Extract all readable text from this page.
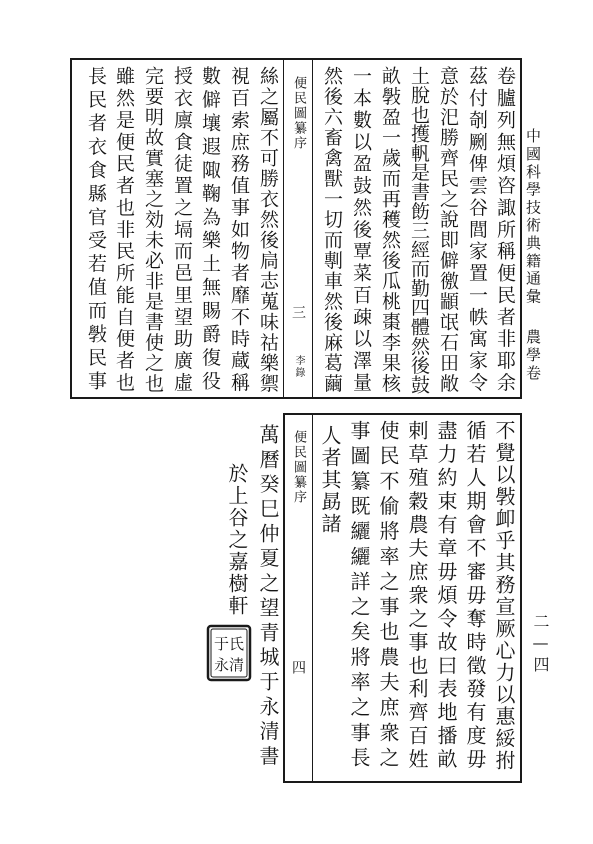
卷臚列無煩咨諏所稱便民者非耶余
茲付剞劂俾雲谷閭家置一帙寓家令
意於汜勝齊民之說即僻徼顓氓石田敞
土脫也擭軓是書飭三經而勤四體然後鼓
畝斅盈一歲而再穫然後瓜桃棗李果核
一本數以盈鼓然後覃菜百疎以澤量
然後六畜禽獸一切而剸車然後麻葛繭
便民圖纂序
三
李錄
絲之屬不可勝衣然後扃志蒐味祜樂禦
視百索庶務值事如物者靡不時蔵稱
數僻壤遐陬鞠為樂土無賜爵復役
授衣廪食徒置之塥而邑里望助廣虛
完要明故實塞之効未必非是書使之也
雖然是便民者也非民所能自便者也
長民者衣食縣官受若值而斅民事
不覺以斅卹乎其務宣厥心力以惠綏拊
循若人期會不審毋奪時徵發有度毋
盡力約束有章毋煩令故曰表地播畝
剌草殖穀農夫庶衆之事也利齊百姓
使民不偷將率之事也農夫庶衆之
事圖纂既纚纚詳之矣將率之事長
人者其勗諸
便民圖纂序
四
萬曆癸巳仲夏之望青城于永清書
於上谷之嘉樹軒
于氏
永清
中國科學技術典籍通彙
農學卷
二—四
